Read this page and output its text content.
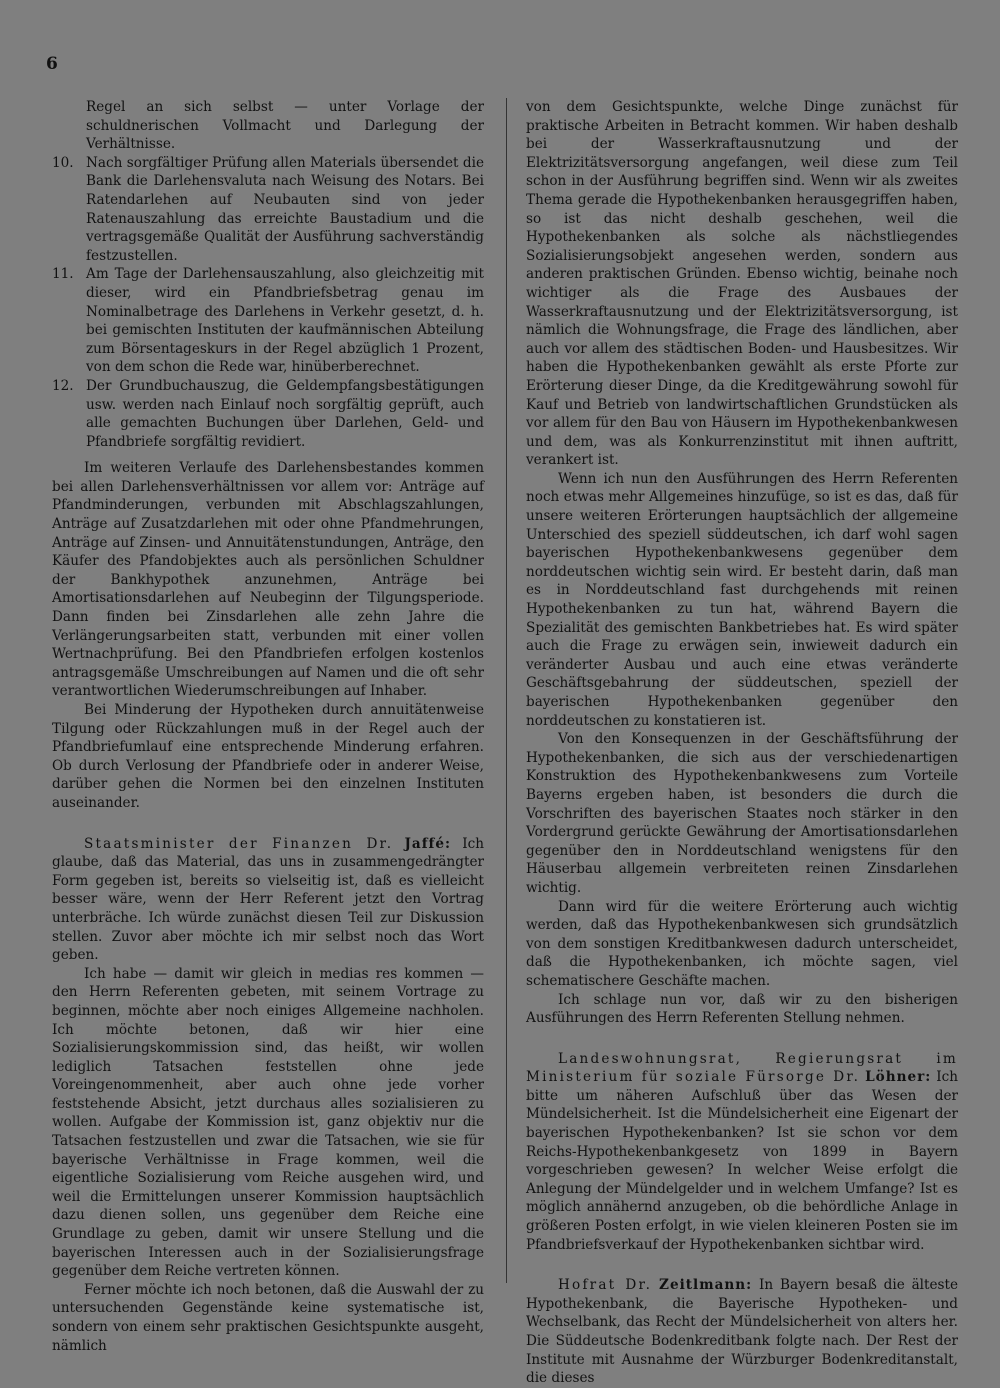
6

Regel an sich selbst — unter Vorlage der schuldnerischen Vollmacht und Darlegung der Verhältnisse.

10. Nach sorgfältiger Prüfung allen Materials übersendet die Bank die Darlehensvaluta nach Weisung des Notars. Bei Ratendarlehen auf Neubauten sind von jeder Ratenauszahlung das erreichte Baustadium und die vertragsgemäße Qualität der Ausführung sachverständig festzustellen.
11. Am Tage der Darlehensauszahlung, also gleichzeitig mit dieser, wird ein Pfandbriefsbetrag genau im Nominalbetrage des Darlehens in Verkehr gesetzt, d. h. bei gemischten Instituten der kaufmännischen Abteilung zum Börsentageskurs in der Regel abzüglich 1 Prozent, von dem schon die Rede war, hinüberberechnet.
12. Der Grundbuchauszug, die Geldempfangsbestätigungen usw. werden nach Einlauf noch sorgfältig geprüft, auch alle gemachten Buchungen über Darlehen, Geld- und Pfandbriefe sorgfältig revidiert.

Im weiteren Verlaufe des Darlehensbestandes kommen bei allen Darlehensverhältnissen vor allem vor: Anträge auf Pfandminderungen, verbunden mit Abschlagszahlungen, Anträge auf Zusatzdarlehen mit oder ohne Pfandmehrungen, Anträge auf Zinsen- und Annuitätenstundungen, Anträge, den Käufer des Pfandobjektes auch als persönlichen Schuldner der Bankhypothek anzunehmen, Anträge bei Amortisationsdarlehen auf Neubeginn der Tilgungsperiode. Dann finden bei Zinsdarlehen alle zehn Jahre die Verlängerungsarbeiten statt, verbunden mit einer vollen Wertnachprüfung. Bei den Pfandbriefen erfolgen kostenlos antragsgemäße Umschreibungen auf Namen und die oft sehr verantwortlichen Wiederumschreibungen auf Inhaber.

Bei Minderung der Hypotheken durch annuitätenweise Tilgung oder Rückzahlungen muß in der Regel auch der Pfandbriefumlauf eine entsprechende Minderung erfahren. Ob durch Verlosung der Pfandbriefe oder in anderer Weise, darüber gehen die Normen bei den einzelnen Instituten auseinander.

Staatsminister der Finanzen Dr. Jaffé: Ich glaube, daß das Material, das uns in zusammengedrängter Form gegeben ist, bereits so vielseitig ist, daß es vielleicht besser wäre, wenn der Herr Referent jetzt den Vortrag unterbräche. Ich würde zunächst diesen Teil zur Diskussion stellen. Zuvor aber möchte ich mir selbst noch das Wort geben.

Ich habe — damit wir gleich in medias res kommen — den Herrn Referenten gebeten, mit seinem Vortrage zu beginnen, möchte aber noch einiges Allgemeine nachholen. Ich möchte betonen, daß wir hier eine Sozialisierungskommission sind, das heißt, wir wollen lediglich Tatsachen feststellen ohne jede Voreingenommenheit, aber auch ohne jede vorher feststehende Absicht, jetzt durchaus alles sozialisieren zu wollen. Aufgabe der Kommission ist, ganz objektiv nur die Tatsachen festzustellen und zwar die Tatsachen, wie sie für bayerische Verhältnisse in Frage kommen, weil die eigentliche Sozialisierung vom Reiche ausgehen wird, und weil die Ermittelungen unserer Kommission hauptsächlich dazu dienen sollen, uns gegenüber dem Reiche eine Grundlage zu geben, damit wir unsere Stellung und die bayerischen Interessen auch in der Sozialisierungsfrage gegenüber dem Reiche vertreten können.

Ferner möchte ich noch betonen, daß die Auswahl der zu untersuchenden Gegenstände keine systematische ist, sondern von einem sehr praktischen Gesichtspunkte ausgeht, nämlich

von dem Gesichtspunkte, welche Dinge zunächst für praktische Arbeiten in Betracht kommen. Wir haben deshalb bei der Wasserkraftausnutzung und der Elektrizitätsversorgung angefangen, weil diese zum Teil schon in der Ausführung begriffen sind. Wenn wir als zweites Thema gerade die Hypothekenbanken herausgegriffen haben, so ist das nicht deshalb geschehen, weil die Hypothekenbanken als solche als nächstliegendes Sozialisierungsobjekt angesehen werden, sondern aus anderen praktischen Gründen. Ebenso wichtig, beinahe noch wichtiger als die Frage des Ausbaues der Wasserkraftausnutzung und der Elektrizitätsversorgung, ist nämlich die Wohnungsfrage, die Frage des ländlichen, aber auch vor allem des städtischen Boden- und Hausbesitzes. Wir haben die Hypothekenbanken gewählt als erste Pforte zur Erörterung dieser Dinge, da die Kreditgewährung sowohl für Kauf und Betrieb von landwirtschaftlichen Grundstücken als vor allem für den Bau von Häusern im Hypothekenbankwesen und dem, was als Konkurrenzinstitut mit ihnen auftritt, verankert ist.

Wenn ich nun den Ausführungen des Herrn Referenten noch etwas mehr Allgemeines hinzufüge, so ist es das, daß für unsere weiteren Erörterungen hauptsächlich der allgemeine Unterschied des speziell süddeutschen, ich darf wohl sagen bayerischen Hypothekenbankwesens gegenüber dem norddeutschen wichtig sein wird. Er besteht darin, daß man es in Norddeutschland fast durchgehends mit reinen Hypothekenbanken zu tun hat, während Bayern die Spezialität des gemischten Bankbetriebes hat. Es wird später auch die Frage zu erwägen sein, inwieweit dadurch ein veränderter Ausbau und auch eine etwas veränderte Geschäftsgebahrung der süddeutschen, speziell der bayerischen Hypothekenbanken gegenüber den norddeutschen zu konstatieren ist.

Von den Konsequenzen in der Geschäftsführung der Hypothekenbanken, die sich aus der verschiedenartigen Konstruktion des Hypothekenbankwesens zum Vorteile Bayerns ergeben haben, ist besonders die durch die Vorschriften des bayerischen Staates noch stärker in den Vordergrund gerückte Gewährung der Amortisationsdarlehen gegenüber den in Norddeutschland wenigstens für den Häuserbau allgemein verbreiteten reinen Zinsdarlehen wichtig.

Dann wird für die weitere Erörterung auch wichtig werden, daß das Hypothekenbankwesen sich grundsätzlich von dem sonstigen Kreditbankwesen dadurch unterscheidet, daß die Hypothekenbanken, ich möchte sagen, viel schematischere Geschäfte machen.

Ich schlage nun vor, daß wir zu den bisherigen Ausführungen des Herrn Referenten Stellung nehmen.

Landeswohnungsrat, Regierungsrat im Ministerium für soziale Fürsorge Dr. Löhner: Ich bitte um näheren Aufschluß über das Wesen der Mündelsicherheit. Ist die Mündelsicherheit eine Eigenart der bayerischen Hypothekenbanken? Ist sie schon vor dem Reichs-Hypothekenbankgesetz von 1899 in Bayern vorgeschrieben gewesen? In welcher Weise erfolgt die Anlegung der Mündelgelder und in welchem Umfange? Ist es möglich annähernd anzugeben, ob die behördliche Anlage in größeren Posten erfolgt, in wie vielen kleineren Posten sie im Pfandbriefsverkauf der Hypothekenbanken sichtbar wird.

Hofrat Dr. Zeitlmann: In Bayern besaß die älteste Hypothekenbank, die Bayerische Hypotheken- und Wechselbank, das Recht der Mündelsicherheit von alters her. Die Süddeutsche Bodenkreditbank folgte nach. Der Rest der Institute mit Ausnahme der Würzburger Bodenkreditanstalt, die dieses
